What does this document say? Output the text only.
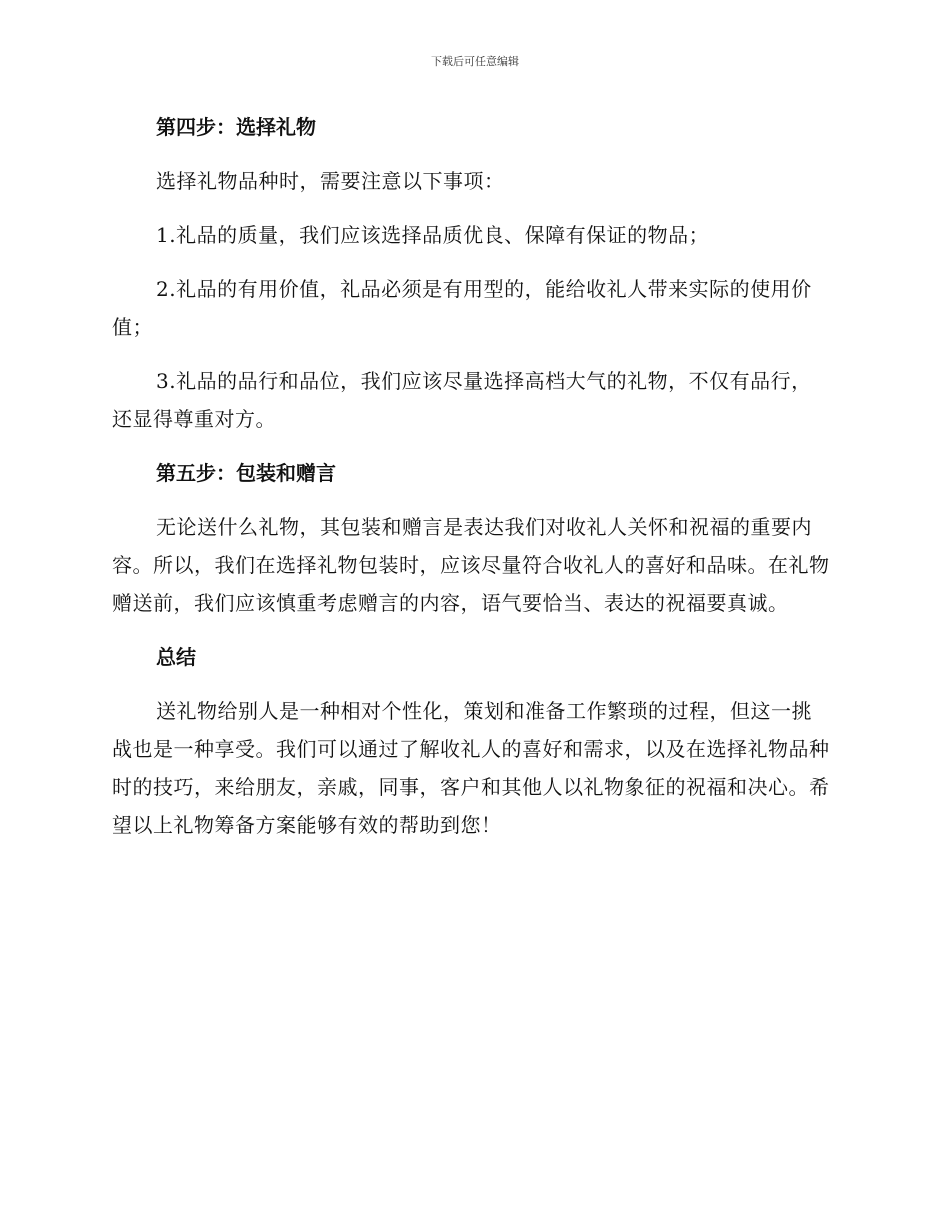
下载后可任意编辑
第四步：选择礼物

选择礼物品种时，需要注意以下事项：

1.礼品的质量，我们应该选择品质优良、保障有保证的物品；

2.礼品的有用价值，礼品必须是有用型的，能给收礼人带来实际的使用价值；

3.礼品的品行和品位，我们应该尽量选择高档大气的礼物，不仅有品行，还显得尊重对方。

第五步：包装和赠言

无论送什么礼物，其包装和赠言是表达我们对收礼人关怀和祝福的重要内容。所以，我们在选择礼物包装时，应该尽量符合收礼人的喜好和品味。在礼物赠送前，我们应该慎重考虑赠言的内容，语气要恰当、表达的祝福要真诚。

总结

送礼物给别人是一种相对个性化，策划和准备工作繁琐的过程，但这一挑战也是一种享受。我们可以通过了解收礼人的喜好和需求，以及在选择礼物品种时的技巧，来给朋友，亲戚，同事，客户和其他人以礼物象征的祝福和决心。希望以上礼物筹备方案能够有效的帮助到您！
